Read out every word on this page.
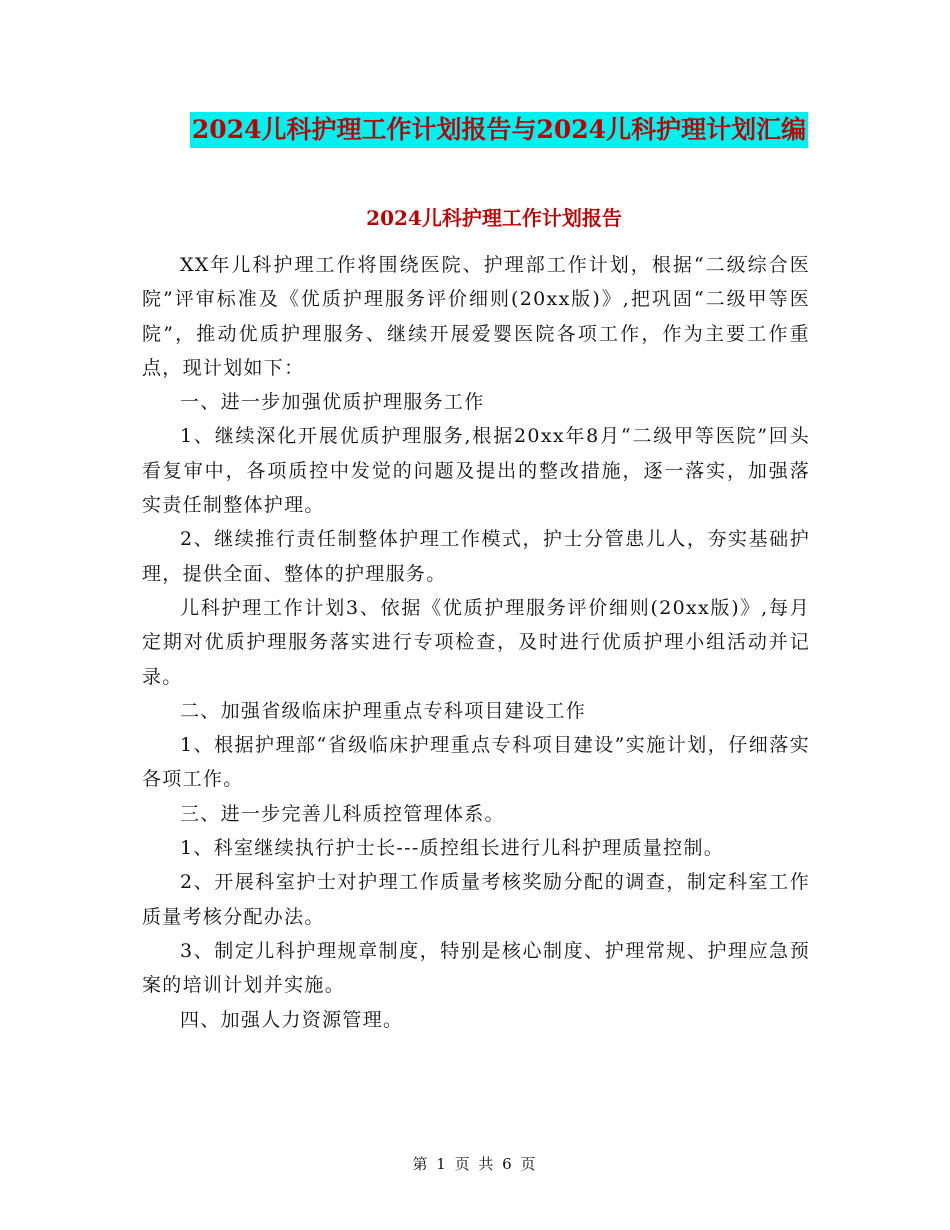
2024儿科护理工作计划报告与2024儿科护理计划汇编
2024儿科护理工作计划报告

XX年儿科护理工作将围绕医院、护理部工作计划，根据“二级综合医院”评审标准及《优质护理服务评价细则(20xx版)》,把巩固“二级甲等医院”，推动优质护理服务、继续开展爱婴医院各项工作，作为主要工作重点，现计划如下：

一、进一步加强优质护理服务工作

1、继续深化开展优质护理服务,根据20xx年8月“二级甲等医院”回头看复审中，各项质控中发觉的问题及提出的整改措施，逐一落实，加强落实责任制整体护理。

2、继续推行责任制整体护理工作模式，护士分管患儿人，夯实基础护理，提供全面、整体的护理服务。

儿科护理工作计划3、依据《优质护理服务评价细则(20xx版)》,每月定期对优质护理服务落实进行专项检查，及时进行优质护理小组活动并记录。

二、加强省级临床护理重点专科项目建设工作

1、根据护理部“省级临床护理重点专科项目建设”实施计划，仔细落实各项工作。

三、进一步完善儿科质控管理体系。

1、科室继续执行护士长---质控组长进行儿科护理质量控制。

2、开展科室护士对护理工作质量考核奖励分配的调查，制定科室工作质量考核分配办法。

3、制定儿科护理规章制度，特别是核心制度、护理常规、护理应急预案的培训计划并实施。

四、加强人力资源管理。

第 1 页 共 6 页
